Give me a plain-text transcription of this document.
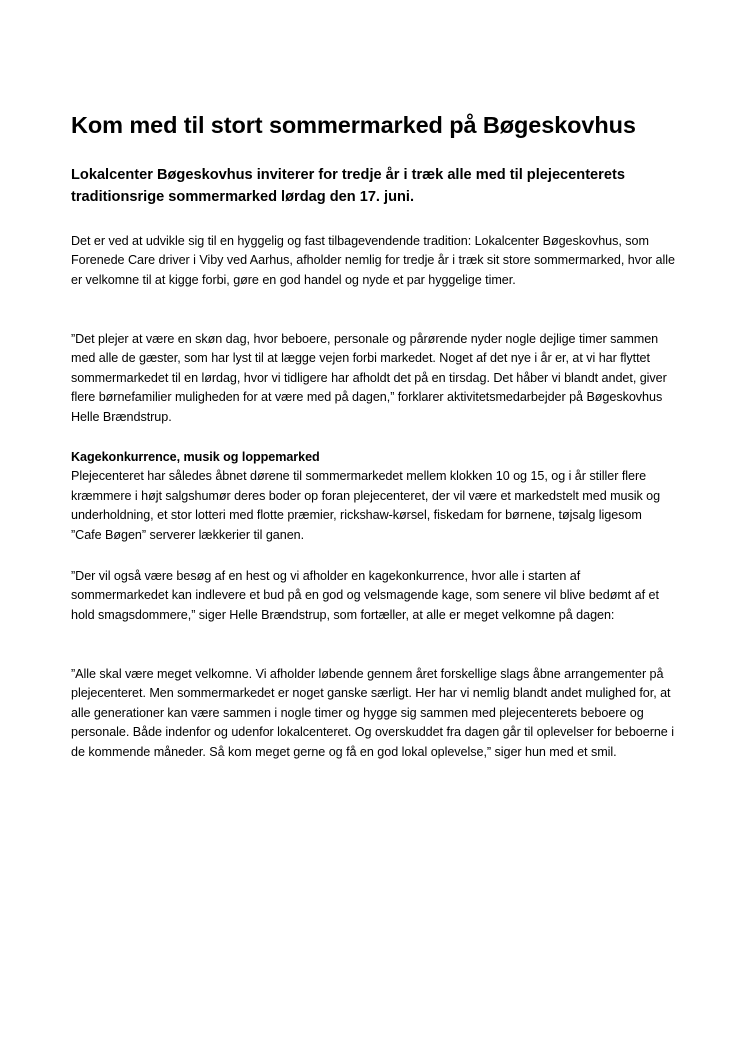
Kom med til stort sommermarked på Bøgeskovhus

Lokalcenter Bøgeskovhus inviterer for tredje år i træk alle med til plejecenterets traditionsrige sommermarked lørdag den 17. juni.

Det er ved at udvikle sig til en hyggelig og fast tilbagevendende tradition: Lokalcenter Bøgeskovhus, som Forenede Care driver i Viby ved Aarhus, afholder nemlig for tredje år i træk sit store sommermarked, hvor alle er velkomne til at kigge forbi, gøre en god handel og nyde et par hyggelige timer.

”Det plejer at være en skøn dag, hvor beboere, personale og pårørende nyder nogle dejlige timer sammen med alle de gæster, som har lyst til at lægge vejen forbi markedet. Noget af det nye i år er, at vi har flyttet sommermarkedet til en lørdag, hvor vi tidligere har afholdt det på en tirsdag. Det håber vi blandt andet, giver flere børnefamilier muligheden for at være med på dagen,” forklarer aktivitetsmedarbejder på Bøgeskovhus Helle Brændstrup.

Kagekonkurrence, musik og loppemarked
Plejecenteret har således åbnet dørene til sommermarkedet mellem klokken 10 og 15, og i år stiller flere kræmmere i højt salgshumør deres boder op foran plejecenteret, der vil være et markedstelt med musik og underholdning, et stor lotteri med flotte præmier, rickshaw-kørsel, fiskedam for børnene, tøjsalg ligesom ”Cafe Bøgen” serverer lækkerier til ganen.

”Der vil også være besøg af en hest og vi afholder en kagekonkurrence, hvor alle i starten af sommermarkedet kan indlevere et bud på en god og velsmagende kage, som senere vil blive bedømt af et hold smagsdommere,” siger Helle Brændstrup, som fortæller, at alle er meget velkomne på dagen:

”Alle skal være meget velkomne. Vi afholder løbende gennem året forskellige slags åbne arrangementer på plejecenteret. Men sommermarkedet er noget ganske særligt. Her har vi nemlig blandt andet mulighed for, at alle generationer kan være sammen i nogle timer og hygge sig sammen med plejecenterets beboere og personale. Både indenfor og udenfor lokalcenteret. Og overskuddet fra dagen går til oplevelser for beboerne i de kommende måneder. Så kom meget gerne og få en god lokal oplevelse,” siger hun med et smil.
